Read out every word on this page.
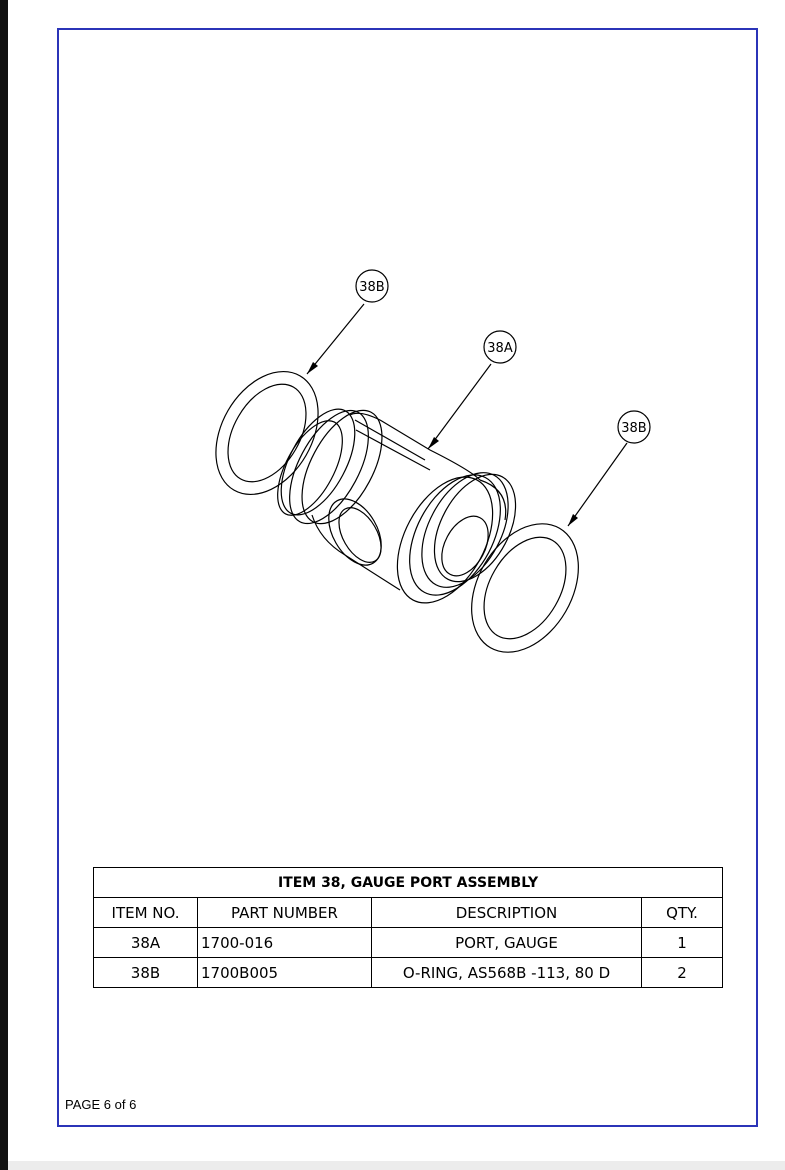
38B
38A
38B
ITEM 38, GAUGE PORT ASSEMBLY			
ITEM NO.	PART NUMBER	DESCRIPTION	QTY.
38A	1700-016	PORT, GAUGE	1
38B	1700B005	O-RING, AS568B -113, 80 D	2
PAGE 6 of 6
